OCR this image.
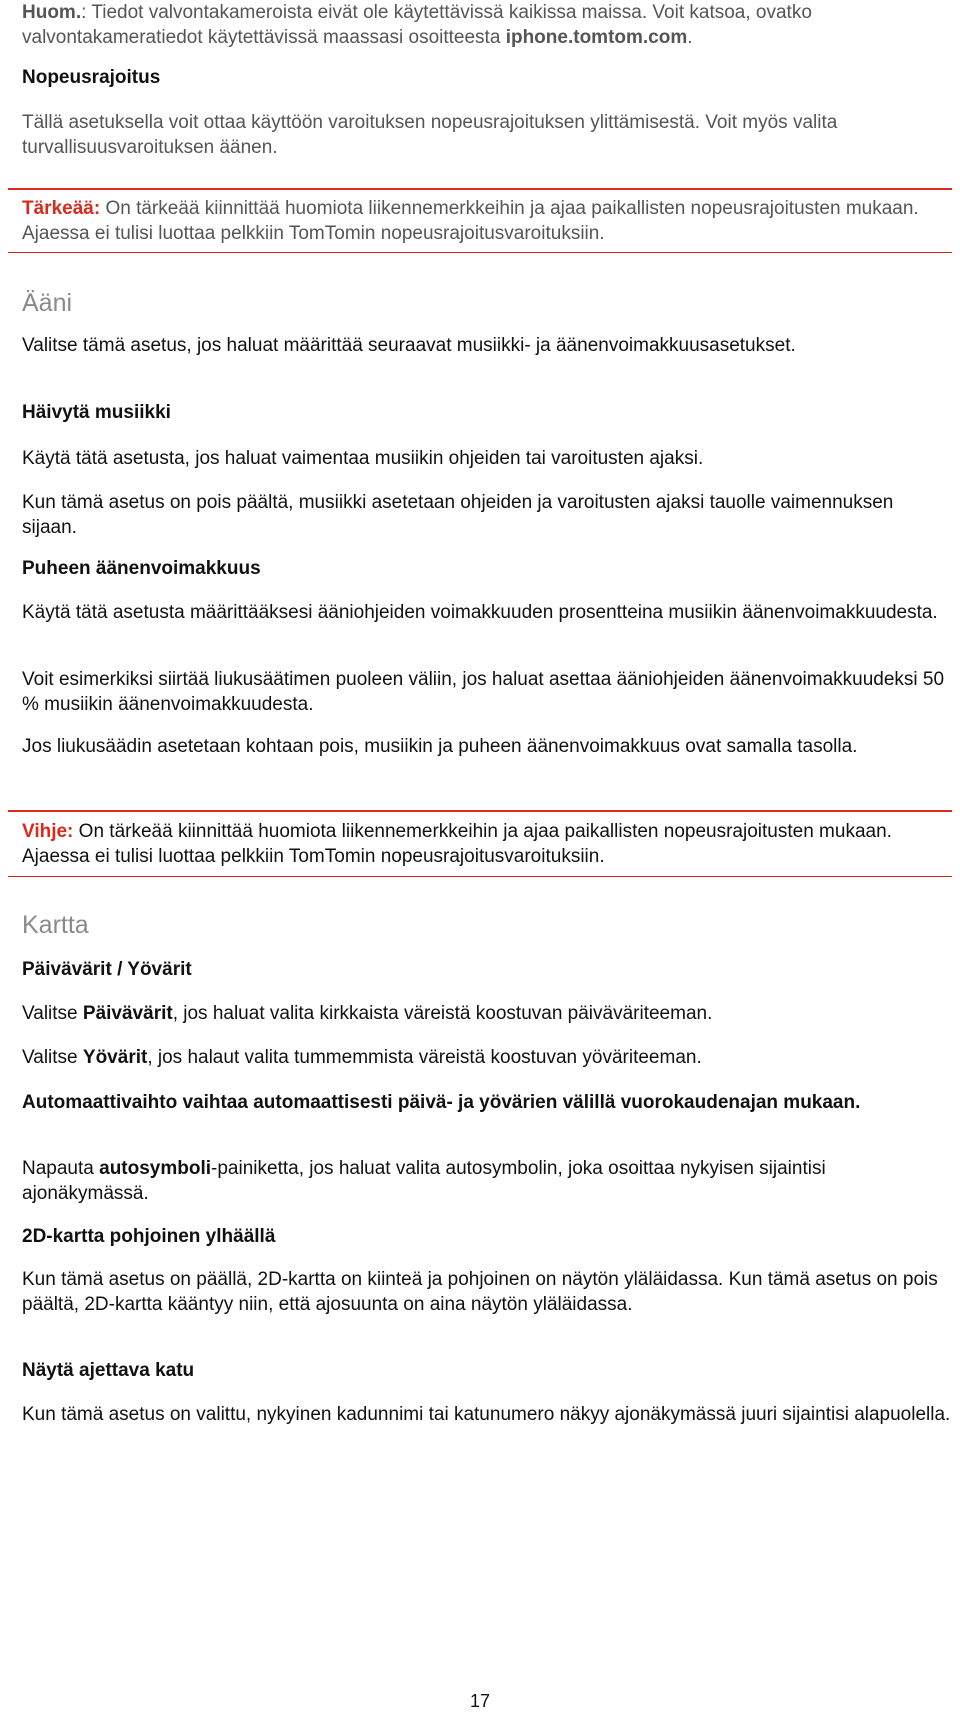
Huom.: Tiedot valvontakameroista eivät ole käytettävissä kaikissa maissa. Voit katsoa, ovatko valvontakameratiedot käytettävissä maassasi osoitteesta iphone.tomtom.com.

Nopeusrajoitus

Tällä asetuksella voit ottaa käyttöön varoituksen nopeusrajoituksen ylittämisestä. Voit myös valita turvallisuusvaroituksen äänen.

Tärkeää: On tärkeää kiinnittää huomiota liikennemerkkeihin ja ajaa paikallisten nopeusrajoitusten mukaan. Ajaessa ei tulisi luottaa pelkkiin TomTomin nopeusrajoitusvaroituksiin.

Ääni

Valitse tämä asetus, jos haluat määrittää seuraavat musiikki- ja äänenvoimakkuusasetukset.

Häivytä musiikki

Käytä tätä asetusta, jos haluat vaimentaa musiikin ohjeiden tai varoitusten ajaksi.

Kun tämä asetus on pois päältä, musiikki asetetaan ohjeiden ja varoitusten ajaksi tauolle vaimennuksen sijaan.

Puheen äänenvoimakkuus

Käytä tätä asetusta määrittääksesi ääniohjeiden voimakkuuden prosentteina musiikin äänenvoimakkuudesta.

Voit esimerkiksi siirtää liukusäätimen puoleen väliin, jos haluat asettaa ääniohjeiden äänenvoimakkuudeksi 50 % musiikin äänenvoimakkuudesta.

Jos liukusäädin asetetaan kohtaan pois, musiikin ja puheen äänenvoimakkuus ovat samalla tasolla.

Vihje: On tärkeää kiinnittää huomiota liikennemerkkeihin ja ajaa paikallisten nopeusrajoitusten mukaan. Ajaessa ei tulisi luottaa pelkkiin TomTomin nopeusrajoitusvaroituksiin.

Kartta

Päivävärit / Yövärit

Valitse Päivävärit, jos haluat valita kirkkaista väreistä koostuvan päiväväriteeman.

Valitse Yövärit, jos halaut valita tummemmista väreistä koostuvan yöväriteeman.

Automaattivaihto vaihtaa automaattisesti päivä- ja yövärien välillä vuorokaudenajan mukaan.

Napauta autosymboli-painiketta, jos haluat valita autosymbolin, joka osoittaa nykyisen sijaintisi ajonäkymässä.

2D-kartta pohjoinen ylhäällä

Kun tämä asetus on päällä, 2D-kartta on kiinteä ja pohjoinen on näytön yläläidassa. Kun tämä asetus on pois päältä, 2D-kartta kääntyy niin, että ajosuunta on aina näytön yläläidassa.

Näytä ajettava katu

Kun tämä asetus on valittu, nykyinen kadunnimi tai katunumero näkyy ajonäkymässä juuri sijaintisi alapuolella.

17
